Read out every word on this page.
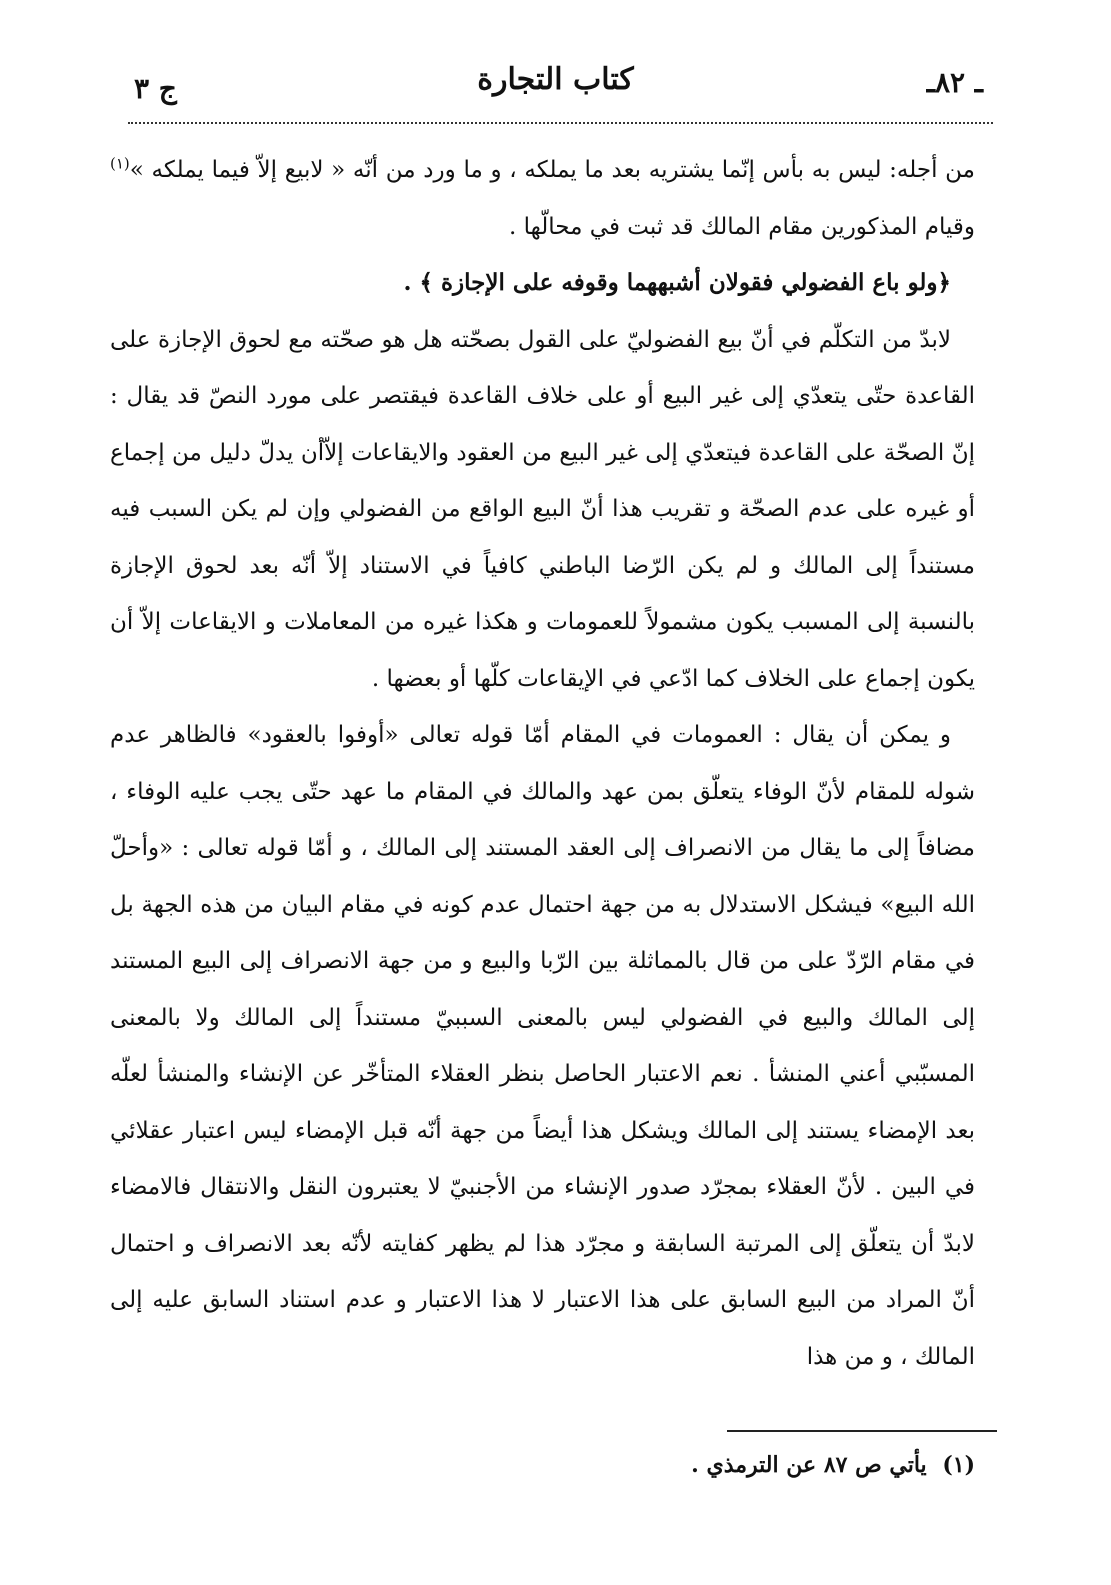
ـ ٨٢ـ
كتاب التجارة
ج ٣

من أجله: ليس به بأس إنّما يشتريه بعد ما يملكه ، و ما ورد من أنّه « لابيع إلاّ فيما يملكه »$^{(١)}$ وقيام المذكورين مقام المالك قد ثبت في محالّها .

﴿ولو باع الفضولي فقولان أشبههما وقوفه على الإجازة ﴾ .

لابدّ من التكلّم في أنّ بيع الفضوليّ على القول بصحّته هل هو صحّته مع لحوق الإجازة على القاعدة حتّى يتعدّي إلى غير البيع أو على خلاف القاعدة فيقتصر على مورد النصّ قد يقال : إنّ الصحّة على القاعدة فيتعدّي إلى غير البيع من العقود والايقاعات إلاّأن يدلّ دليل من إجماع أو غيره على عدم الصحّة و تقريب هذا أنّ البيع الواقع من الفضولي وإن لم يكن السبب فيه مستنداً إلى المالك و لم يكن الرّضا الباطني كافياً في الاستناد إلاّ أنّه بعد لحوق الإجازة بالنسبة إلى المسبب يكون مشمولاً للعمومات و هكذا غيره من المعاملات و الايقاعات إلاّ أن يكون إجماع على الخلاف كما ادّعي في الإيقاعات كلّها أو بعضها .

و يمكن أن يقال : العمومات في المقام أمّا قوله تعالى «أوفوا بالعقود» فالظاهر عدم شوله للمقام لأنّ الوفاء يتعلّق بمن عهد والمالك في المقام ما عهد حتّى يجب عليه الوفاء ، مضافاً إلى ما يقال من الانصراف إلى العقد المستند إلى المالك ، و أمّا قوله تعالى : «وأحلّ الله البيع» فيشكل الاستدلال به من جهة احتمال عدم كونه في مقام البيان من هذه الجهة بل في مقام الرّدّ على من قال بالمماثلة بين الرّبا والبيع و من جهة الانصراف إلى البيع المستند إلى المالك والبيع في الفضولي ليس بالمعنى السببيّ مستنداً إلى المالك ولا بالمعنى المسبّبي أعني المنشأ . نعم الاعتبار الحاصل بنظر العقلاء المتأخّر عن الإنشاء والمنشأ لعلّه بعد الإمضاء يستند إلى المالك ويشكل هذا أيضاً من جهة أنّه قبل الإمضاء ليس اعتبار عقلائي في البين . لأنّ العقلاء بمجرّد صدور الإنشاء من الأجنبيّ لا يعتبرون النقل والانتقال فالامضاء لابدّ أن يتعلّق إلى المرتبة السابقة و مجرّد هذا لم يظهر كفايته لأنّه بعد الانصراف و احتمال أنّ المراد من البيع السابق على هذا الاعتبار لا هذا الاعتبار و عدم استناد السابق عليه إلى المالك ، و من هذا

(١) يأتي ص ٨٧ عن الترمذي .
